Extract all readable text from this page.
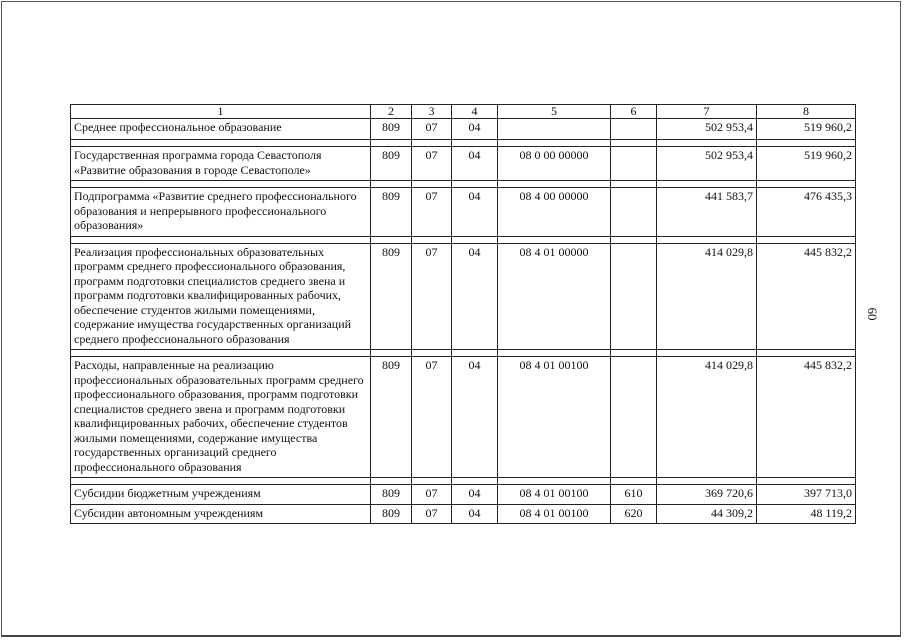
1	2	3	4	5	6	7	8
Среднее профессиональное образование	809	07	04			502 953,4	519 960,2

Государственная программа города Севастополя «Развитие образования в городе Севастополе»	809	07	04	08 0 00 00000		502 953,4	519 960,2

Подпрограмма «Развитие среднего профессионального образования и непрерывного профессионального образования»	809	07	04	08 4 00 00000		441 583,7	476 435,3

Реализация профессиональных образовательных программ среднего профессионального образования, программ подготовки специалистов среднего звена и программ подготовки квалифицированных рабочих, обеспечение студентов жилыми помещениями, содержание имущества государственных организаций среднего профессионального образования	809	07	04	08 4 01 00000		414 029,8	445 832,2

Расходы, направленные на реализацию профессиональных образовательных программ среднего профессионального образования, программ подготовки специалистов среднего звена и программ подготовки квалифицированных рабочих, обеспечение студентов жилыми помещениями, содержание имущества государственных организаций среднего профессионального образования	809	07	04	08 4 01 00100		414 029,8	445 832,2

Субсидии бюджетным учреждениям	809	07	04	08 4 01 00100	610	369 720,6	397 713,0
Субсидии автономным учреждениям	809	07	04	08 4 01 00100	620	44 309,2	48 119,2
60
